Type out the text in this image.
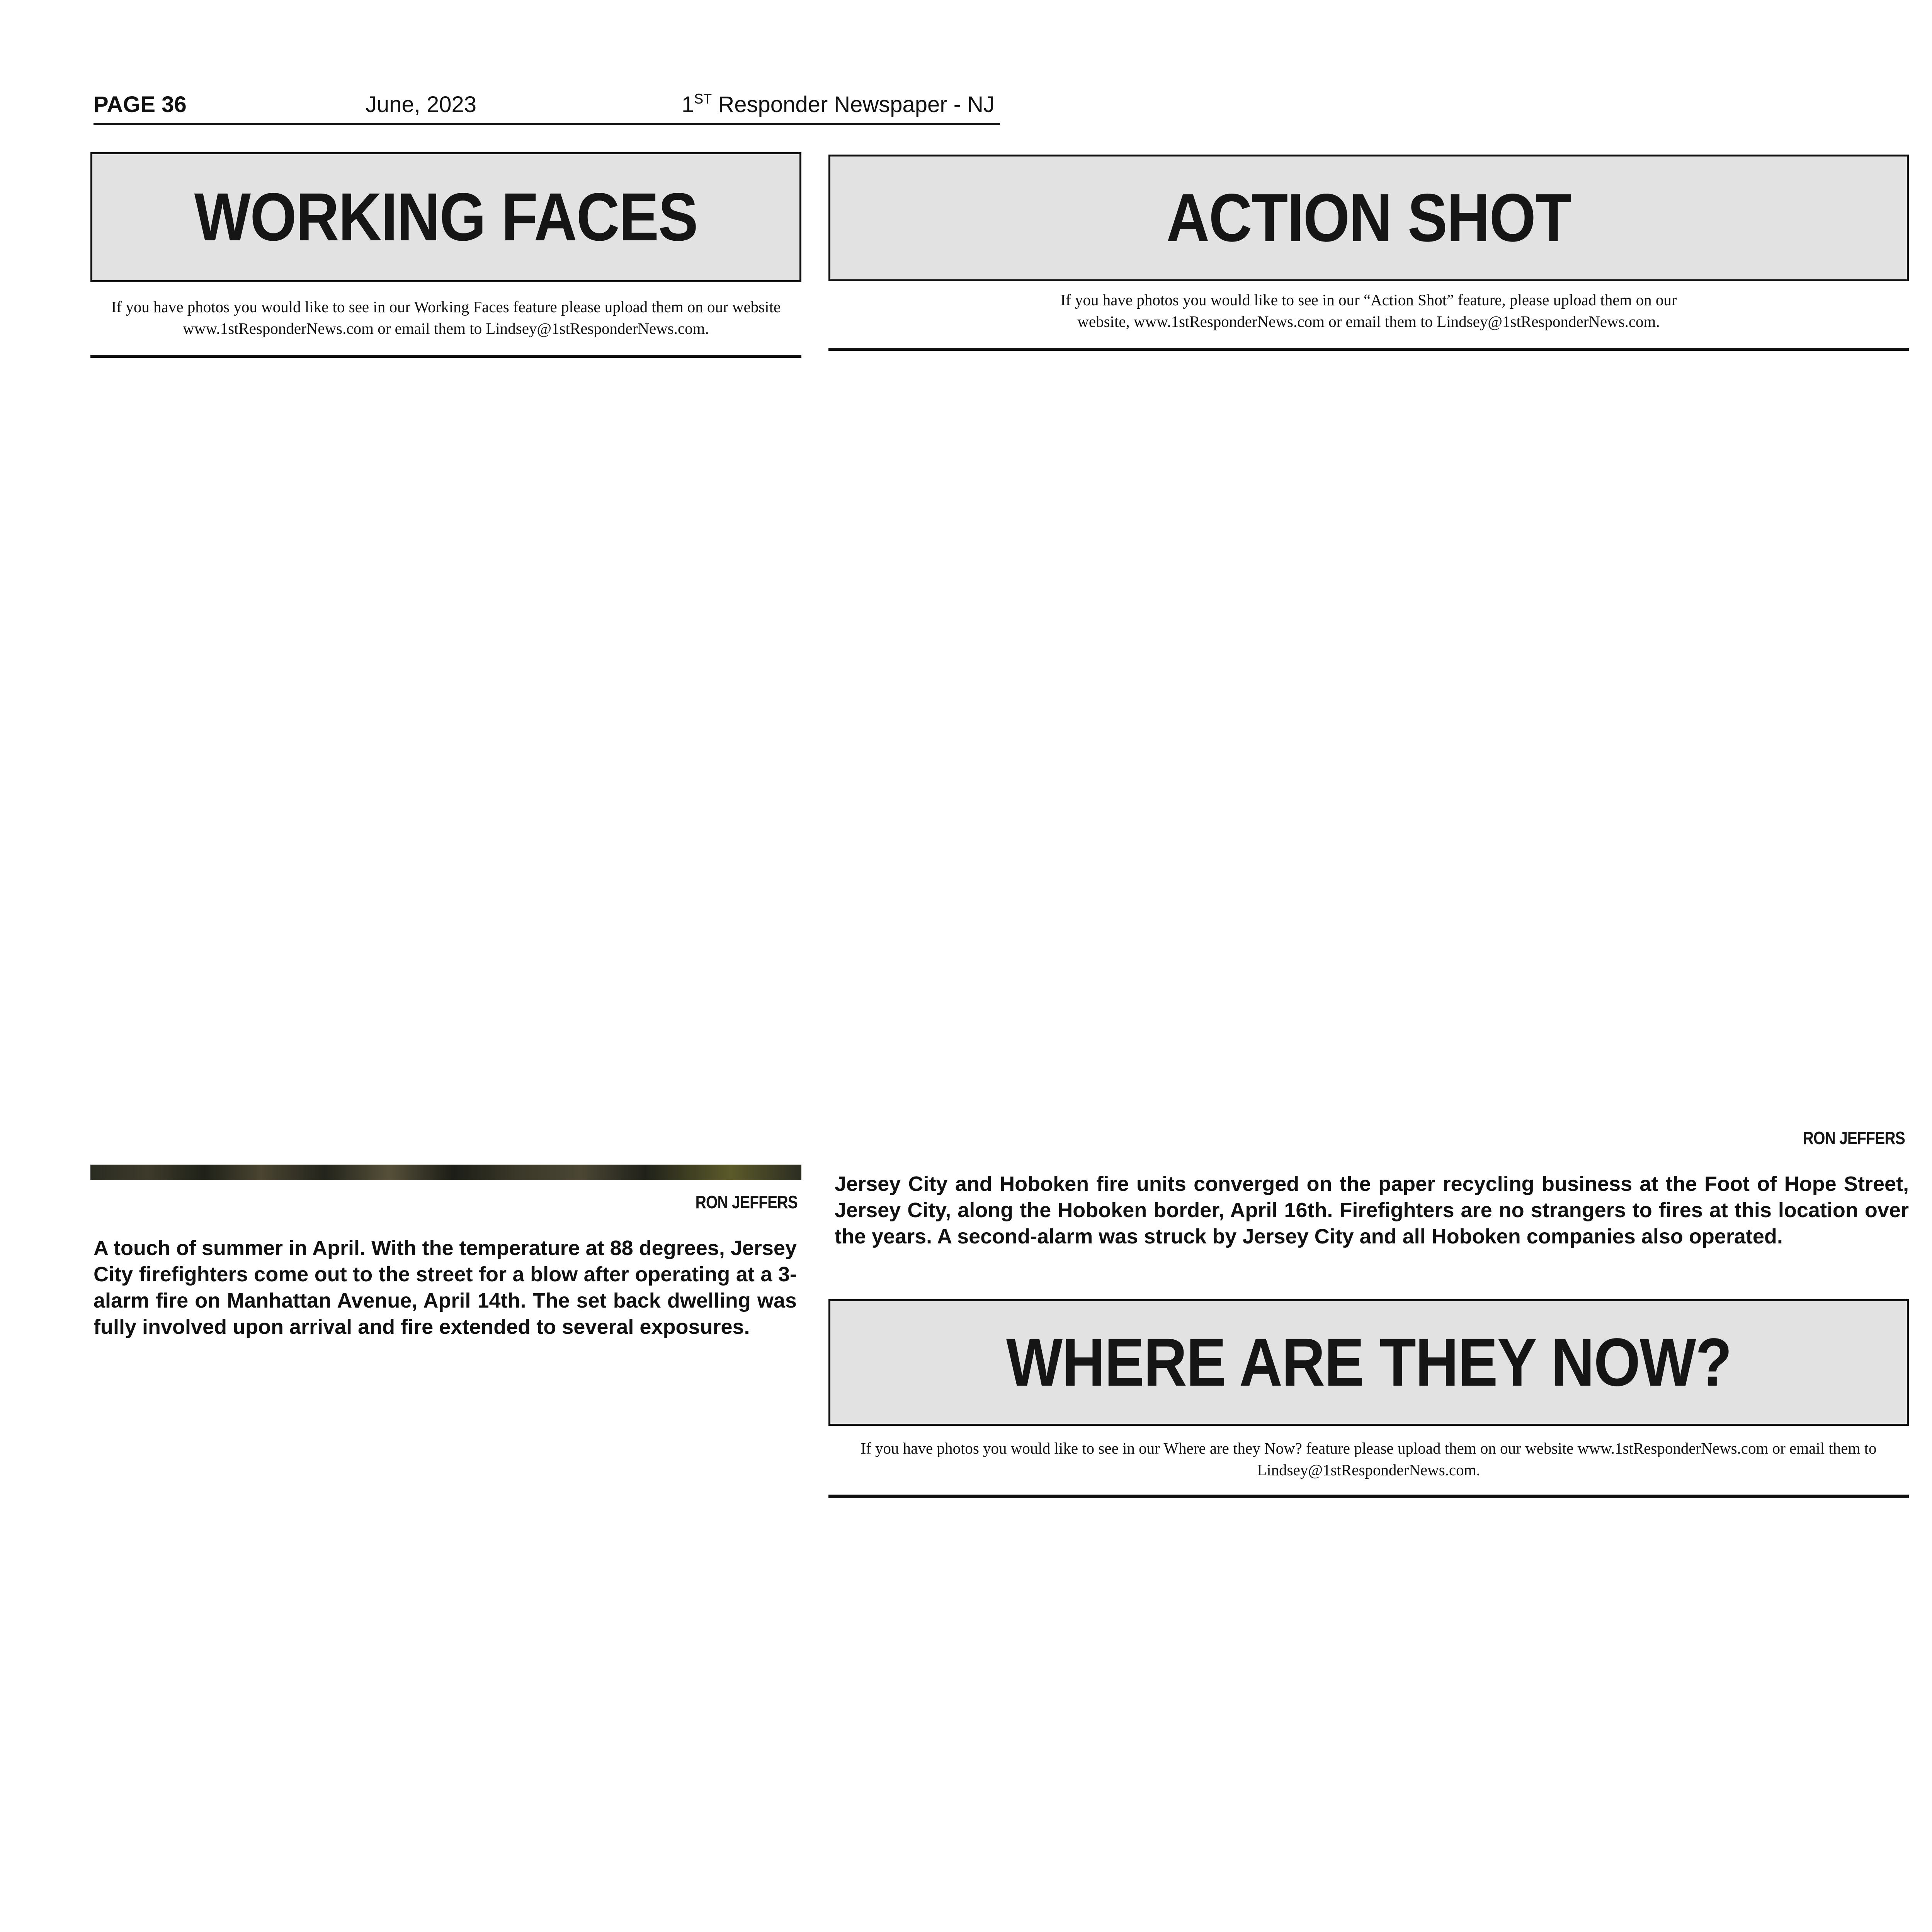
PAGE 36	June, 2023	1ST Responder Newspaper - NJ
WORKING FACES
If you have photos you would like to see in our Working Faces feature please upload them on our website www.1stResponderNews.com or email them to Lindsey@1stResponderNews.com.
RON JEFFERS
A touch of summer in April. With the temperature at 88 degrees, Jersey City firefighters come out to the street for a blow after operating at a 3-alarm fire on Manhattan Avenue, April 14th. The set back dwelling was fully involved upon arrival and fire extended to several exposures.
ACTION SHOT
If you have photos you would like to see in our “Action Shot” feature, please upload them on our website, www.1stResponderNews.com or email them to Lindsey@1stResponderNews.com.
RON JEFFERS
Jersey City and Hoboken fire units converged on the paper recycling business at the Foot of Hope Street, Jersey City, along the Hoboken border, April 16th. Firefighters are no strangers to fires at this location over the years. A second-alarm was struck by Jersey City and all Hoboken companies also operated.
WHERE ARE THEY NOW?
If you have photos you would like to see in our Where are they Now? feature please upload them on our website www.1stResponderNews.com or email them to Lindsey@1stResponderNews.com.
